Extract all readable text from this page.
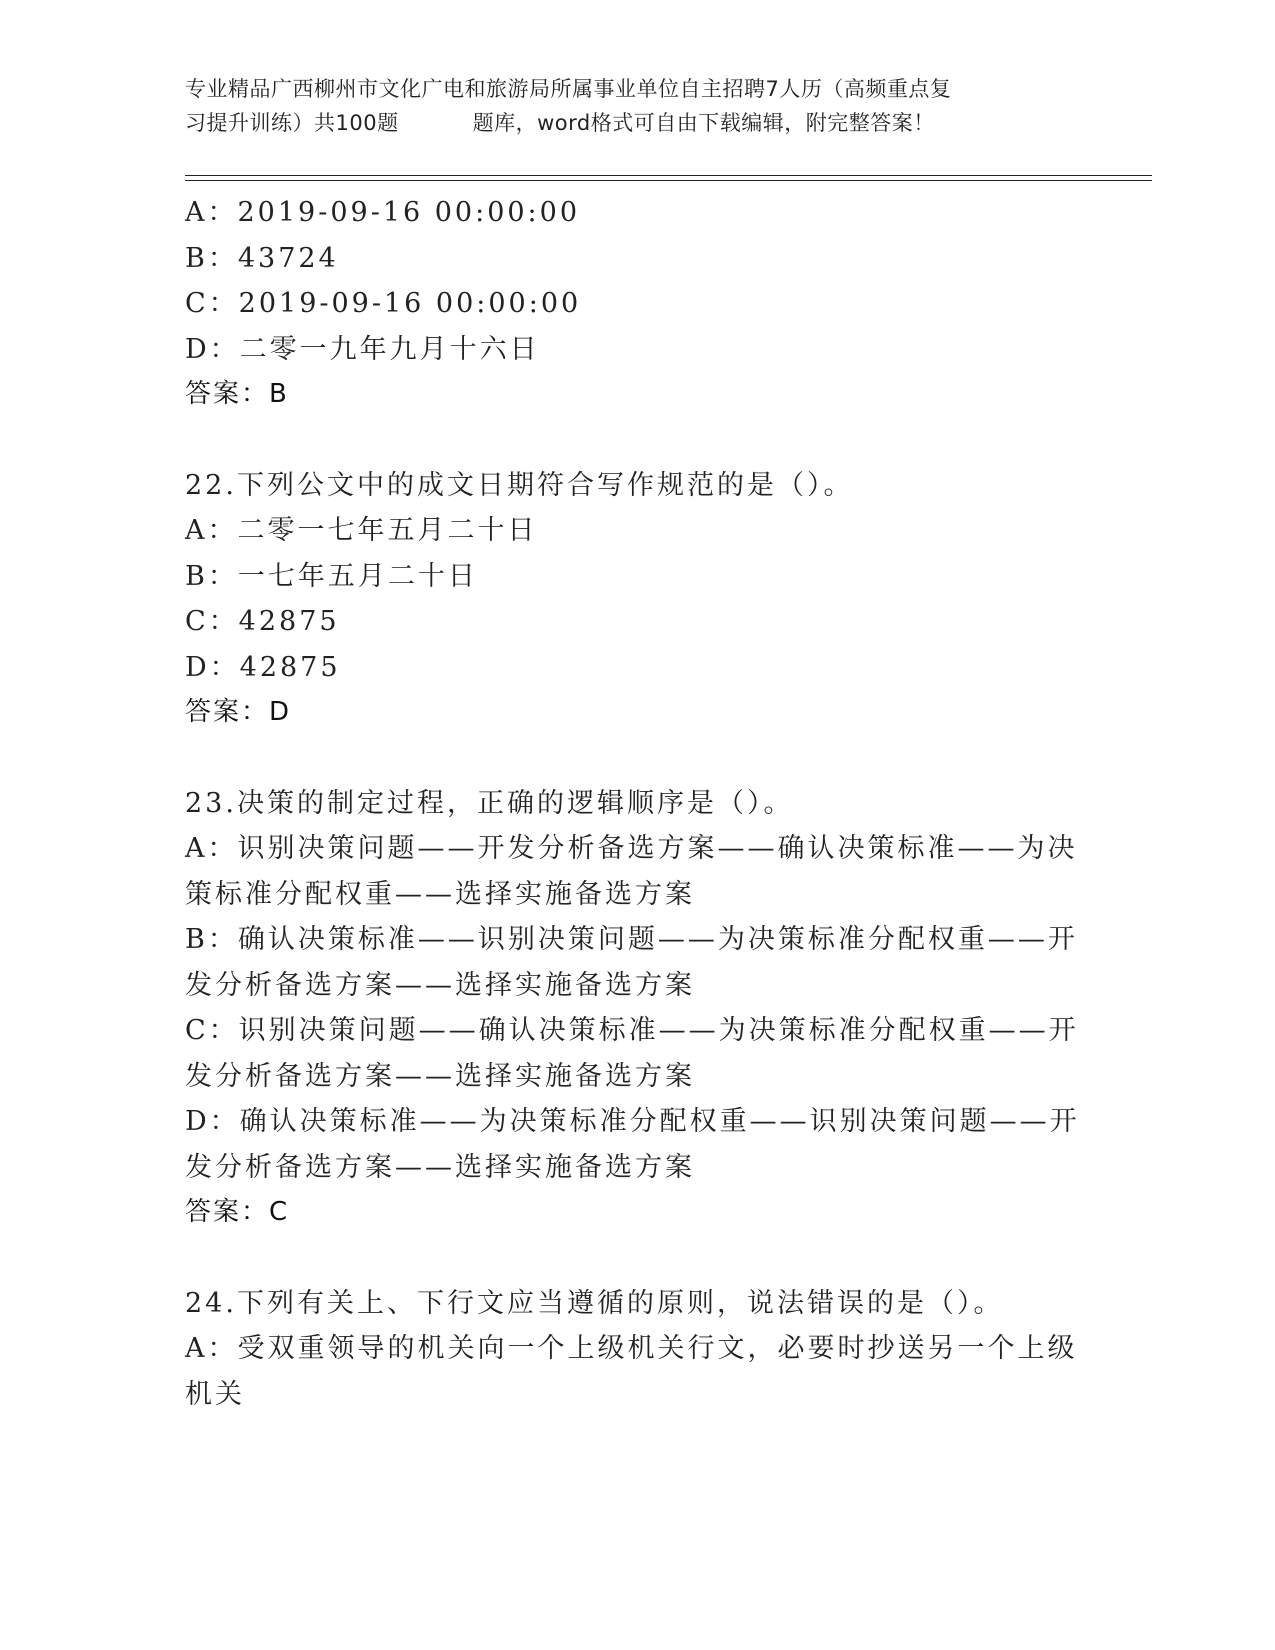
专业精品广西柳州市文化广电和旅游局所属事业单位自主招聘7人历（高频重点复
习提升训练）共100题	题库，word格式可自由下载编辑，附完整答案！
A：2019-09-16 00:00:00
B：43724
C：2019-09-16 00:00:00
D：二零一九年九月十六日
答案：B
22.下列公文中的成文日期符合写作规范的是（）。
A：二零一七年五月二十日
B：一七年五月二十日
C：42875
D：42875
答案：D
23.决策的制定过程，正确的逻辑顺序是（）。
A：识别决策问题——开发分析备选方案——确认决策标准——为决策标准分配权重——选择实施备选方案
B：确认决策标准——识别决策问题——为决策标准分配权重——开发分析备选方案——选择实施备选方案
C：识别决策问题——确认决策标准——为决策标准分配权重——开发分析备选方案——选择实施备选方案
D：确认决策标准——为决策标准分配权重——识别决策问题——开发分析备选方案——选择实施备选方案
答案：C
24.下列有关上、下行文应当遵循的原则，说法错误的是（）。
A：受双重领导的机关向一个上级机关行文，必要时抄送另一个上级机关
